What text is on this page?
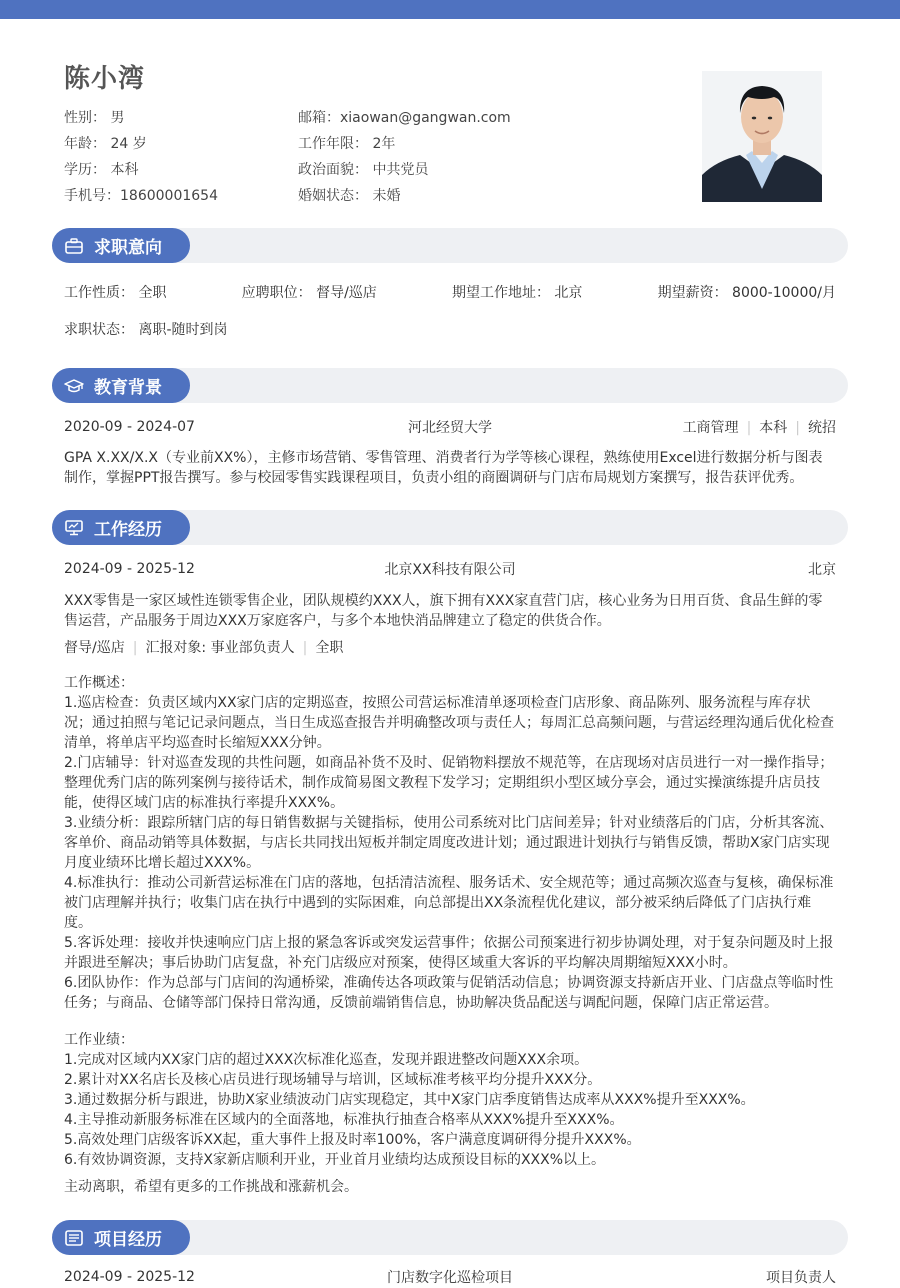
陈小湾
性别： 男	邮箱：xiaowan@gangwan.com
年龄： 24 岁	工作年限： 2年
学历： 本科	政治面貌： 中共党员
手机号：18600001654	婚姻状态： 未婚
求职意向
工作性质： 全职	应聘职位： 督导/巡店	期望工作地址： 北京	期望薪资： 8000-10000/月
求职状态： 离职-随时到岗
教育背景
2020-09 - 2024-07	河北经贸大学	工商管理 | 本科 | 统招
GPA X.XX/X.X（专业前XX%），主修市场营销、零售管理、消费者行为学等核心课程，熟练使用Excel进行数据分析与图表制作，掌握PPT报告撰写。参与校园零售实践课程项目，负责小组的商圈调研与门店布局规划方案撰写，报告获评优秀。
工作经历
2024-09 - 2025-12	北京XX科技有限公司	北京
XXX零售是一家区域性连锁零售企业，团队规模约XXX人，旗下拥有XXX家直营门店，核心业务为日用百货、食品生鲜的零售运营，产品服务于周边XXX万家庭客户，与多个本地快消品牌建立了稳定的供货合作。
督导/巡店 | 汇报对象: 事业部负责人 | 全职
工作概述：
1.巡店检查：负责区域内XX家门店的定期巡查，按照公司营运标准清单逐项检查门店形象、商品陈列、服务流程与库存状况；通过拍照与笔记记录问题点，当日生成巡查报告并明确整改项与责任人；每周汇总高频问题，与营运经理沟通后优化检查清单，将单店平均巡查时长缩短XXX分钟。
2.门店辅导：针对巡查发现的共性问题，如商品补货不及时、促销物料摆放不规范等，在店现场对店员进行一对一操作指导；整理优秀门店的陈列案例与接待话术，制作成简易图文教程下发学习；定期组织小型区域分享会，通过实操演练提升店员技能，使得区域门店的标准执行率提升XXX%。
3.业绩分析：跟踪所辖门店的每日销售数据与关键指标，使用公司系统对比门店间差异；针对业绩落后的门店，分析其客流、客单价、商品动销等具体数据，与店长共同找出短板并制定周度改进计划；通过跟进计划执行与销售反馈，帮助X家门店实现月度业绩环比增长超过XXX%。
4.标准执行：推动公司新营运标准在门店的落地，包括清洁流程、服务话术、安全规范等；通过高频次巡查与复核，确保标准被门店理解并执行；收集门店在执行中遇到的实际困难，向总部提出XX条流程优化建议，部分被采纳后降低了门店执行难度。
5.客诉处理：接收并快速响应门店上报的紧急客诉或突发运营事件；依据公司预案进行初步协调处理，对于复杂问题及时上报并跟进至解决；事后协助门店复盘，补充门店级应对预案，使得区域重大客诉的平均解决周期缩短XXX小时。
6.团队协作：作为总部与门店间的沟通桥梁，准确传达各项政策与促销活动信息；协调资源支持新店开业、门店盘点等临时性任务；与商品、仓储等部门保持日常沟通，反馈前端销售信息，协助解决货品配送与调配问题，保障门店正常运营。
工作业绩：
1.完成对区域内XX家门店的超过XXX次标准化巡查，发现并跟进整改问题XXX余项。
2.累计对XX名店长及核心店员进行现场辅导与培训，区域标准考核平均分提升XXX分。
3.通过数据分析与跟进，协助X家业绩波动门店实现稳定，其中X家门店季度销售达成率从XXX%提升至XXX%。
4.主导推动新服务标准在区域内的全面落地，标准执行抽查合格率从XXX%提升至XXX%。
5.高效处理门店级客诉XX起，重大事件上报及时率100%，客户满意度调研得分提升XXX%。
6.有效协调资源，支持X家新店顺利开业，开业首月业绩均达成预设目标的XXX%以上。
主动离职，希望有更多的工作挑战和涨薪机会。
项目经历
2024-09 - 2025-12	门店数字化巡检项目	项目负责人
